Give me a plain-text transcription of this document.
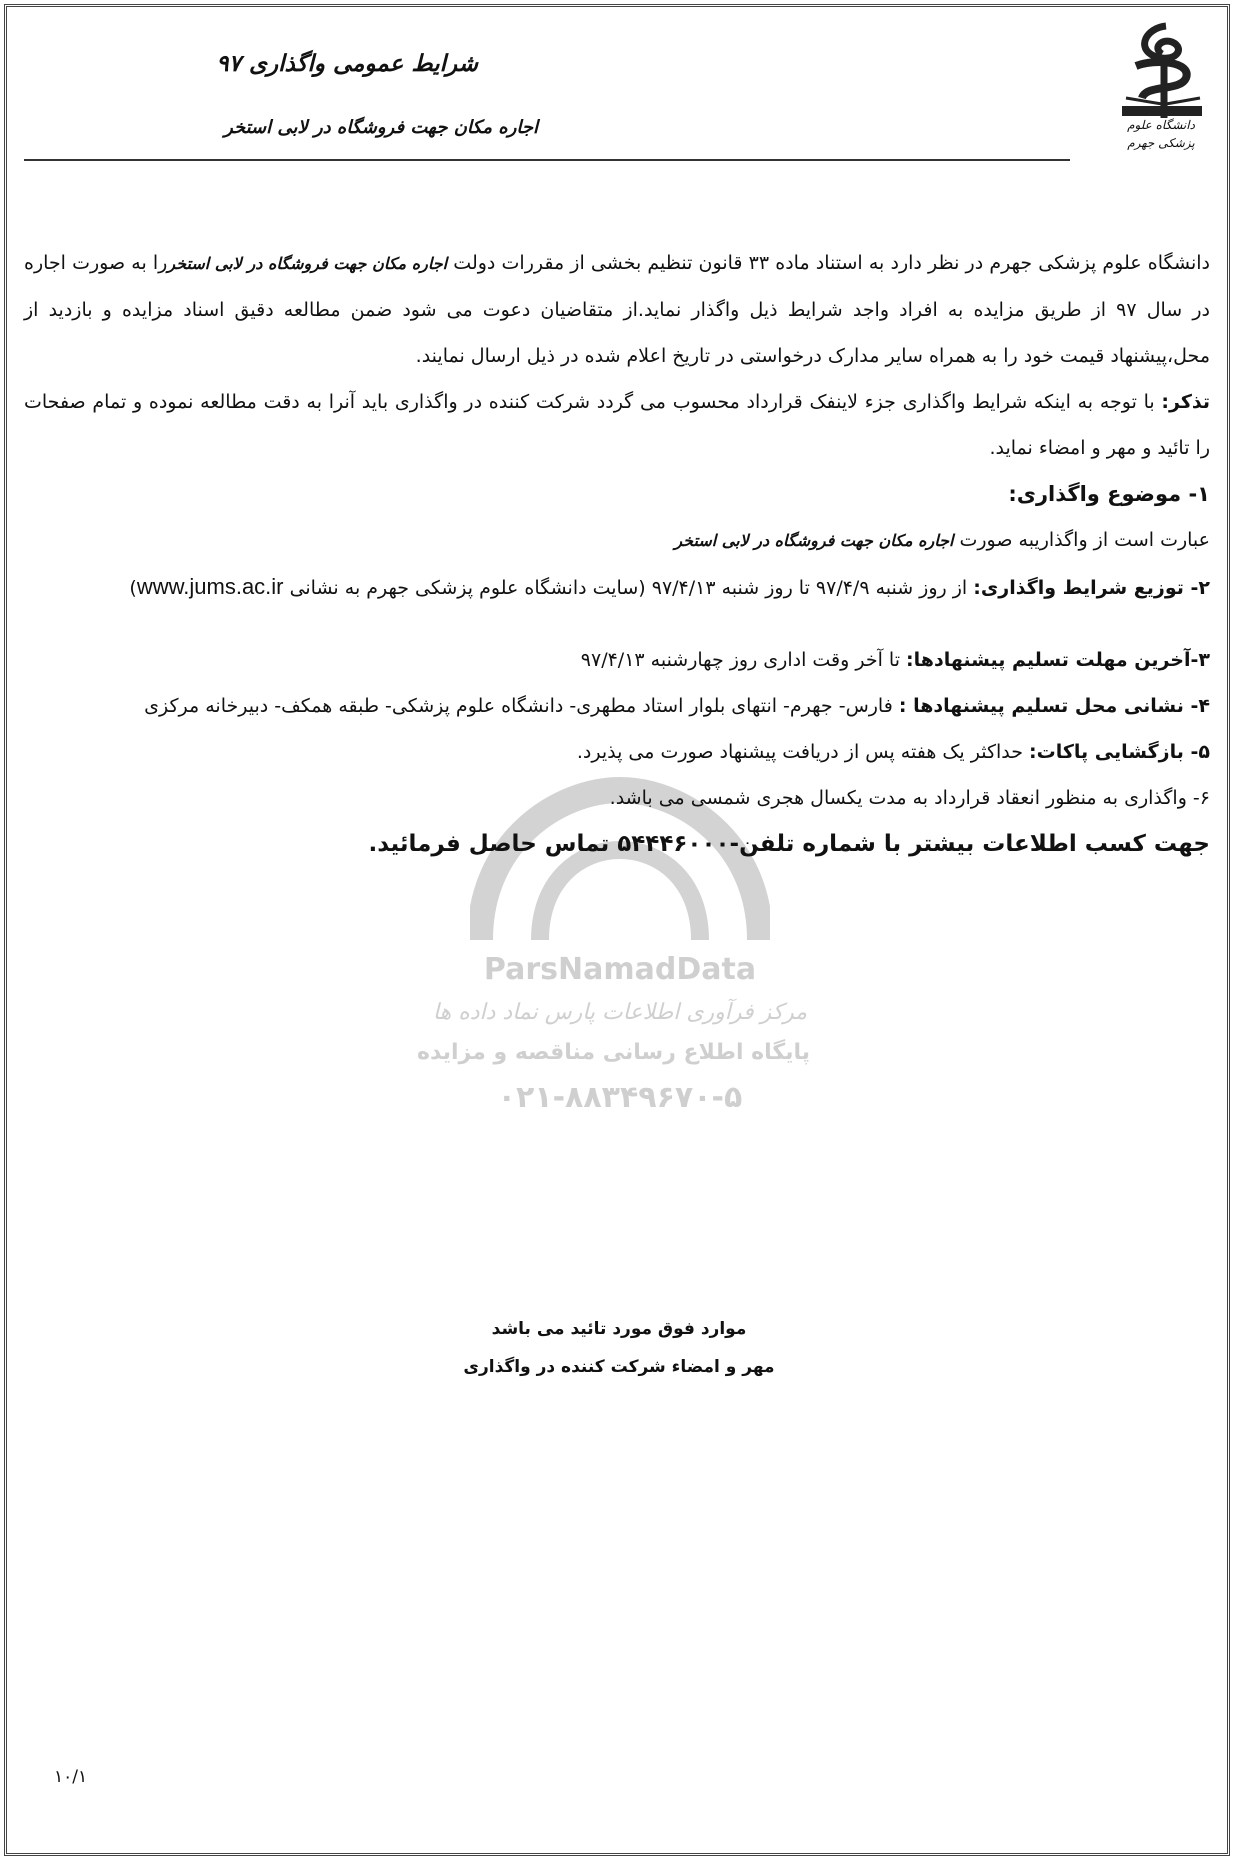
شرایط عمومی واگذاری ۹۷
اجاره مکان جهت فروشگاه در لابی استخر	دانشگاه علوم
پزشکی جهرم
ParsNamadData
مرکز فرآوری اطلاعات پارس نماد داده ها
پایگاه اطلاع رسانی مناقصه و مزایده
۰۲۱-۸۸۳۴۹۶۷۰-۵

دانشگاه علوم پزشکی جهرم در نظر دارد به استناد ماده ۳۳ قانون تنظیم بخشی از مقررات دولت اجاره مکان جهت فروشگاه در لابی استخررا به صورت اجاره در سال ۹۷ از طریق مزایده به افراد واجد شرایط ذیل واگذار نماید.از متقاضیان دعوت می شود ضمن مطالعه دقیق اسناد مزایده و بازدید از محل،پیشنهاد قیمت خود را به همراه سایر مدارک درخواستی در تاریخ اعلام شده در ذیل ارسال نمایند.

تذکر: با توجه به اینکه شرایط واگذاری جزء لاینفک قرارداد محسوب می گردد شرکت کننده در واگذاری باید آنرا به دقت مطالعه نموده و تمام صفحات را تائید و مهر و امضاء نماید.

۱- موضوع واگذاری:

عبارت است از واگذاریبه صورت اجاره مکان جهت فروشگاه در لابی استخر

۲- توزیع شرایط واگذاری: از روز شنبه ۹۷/۴/۹ تا روز شنبه ۹۷/۴/۱۳ (سایت دانشگاه علوم پزشکی جهرم به نشانی www.jums.ac.ir)

۳-آخرین مهلت تسلیم پیشنهادها: تا آخر وقت اداری روز چهارشنبه ۹۷/۴/۱۳

۴- نشانی محل تسلیم پیشنهادها : فارس- جهرم- انتهای بلوار استاد مطهری- دانشگاه علوم پزشکی- طبقه همکف- دبیرخانه مرکزی

۵- بازگشایی پاکات: حداکثر یک هفته پس از دریافت پیشنهاد صورت می پذیرد.

۶- واگذاری به منظور انعقاد قرارداد به مدت یکسال هجری شمسی می باشد.

جهت کسب اطلاعات بیشتر با شماره تلفن-۵۴۴۴۶۰۰۰ تماس حاصل فرمائید.

موارد فوق مورد تائید می باشد
مهر و امضاء شرکت کننده در واگذاری
۱۰/۱
